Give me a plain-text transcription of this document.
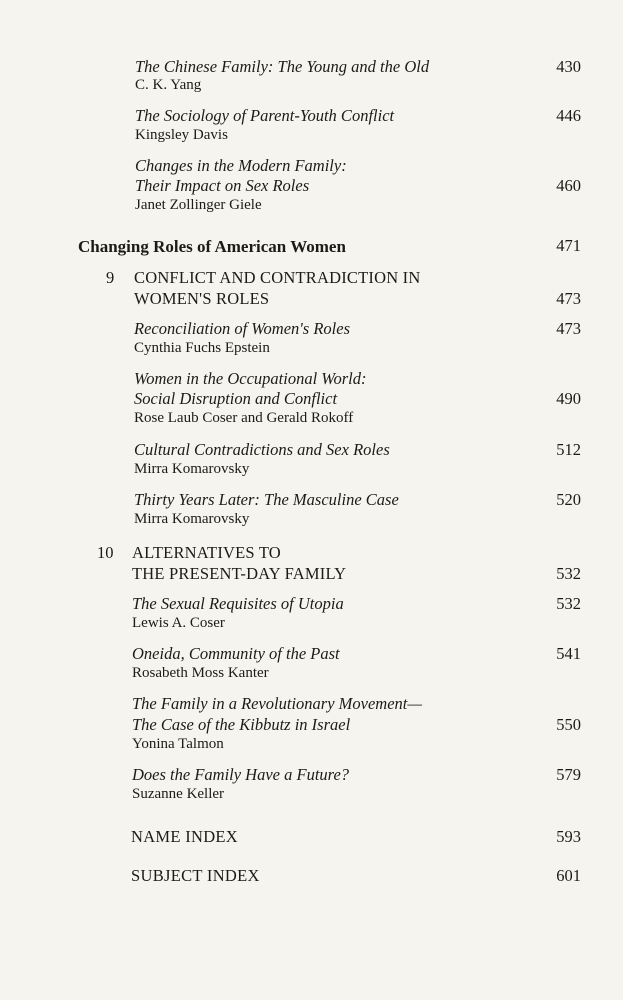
The Chinese Family: The Young and the Old	430
C. K. Yang
The Sociology of Parent-Youth Conflict	446
Kingsley Davis
Changes in the Modern Family:
Their Impact on Sex Roles	460
Janet Zollinger Giele
Changing Roles of American Women	471
9 CONFLICT AND CONTRADICTION IN
WOMEN'S ROLES	473
Reconciliation of Women's Roles	473
Cynthia Fuchs Epstein
Women in the Occupational World:
Social Disruption and Conflict	490
Rose Laub Coser and Gerald Rokoff
Cultural Contradictions and Sex Roles	512
Mirra Komarovsky
Thirty Years Later: The Masculine Case	520
Mirra Komarovsky
10 ALTERNATIVES TO
THE PRESENT-DAY FAMILY	532
The Sexual Requisites of Utopia	532
Lewis A. Coser
Oneida, Community of the Past	541
Rosabeth Moss Kanter
The Family in a Revolutionary Movement—
The Case of the Kibbutz in Israel	550
Yonina Talmon
Does the Family Have a Future?	579
Suzanne Keller
NAME INDEX	593
SUBJECT INDEX	601
